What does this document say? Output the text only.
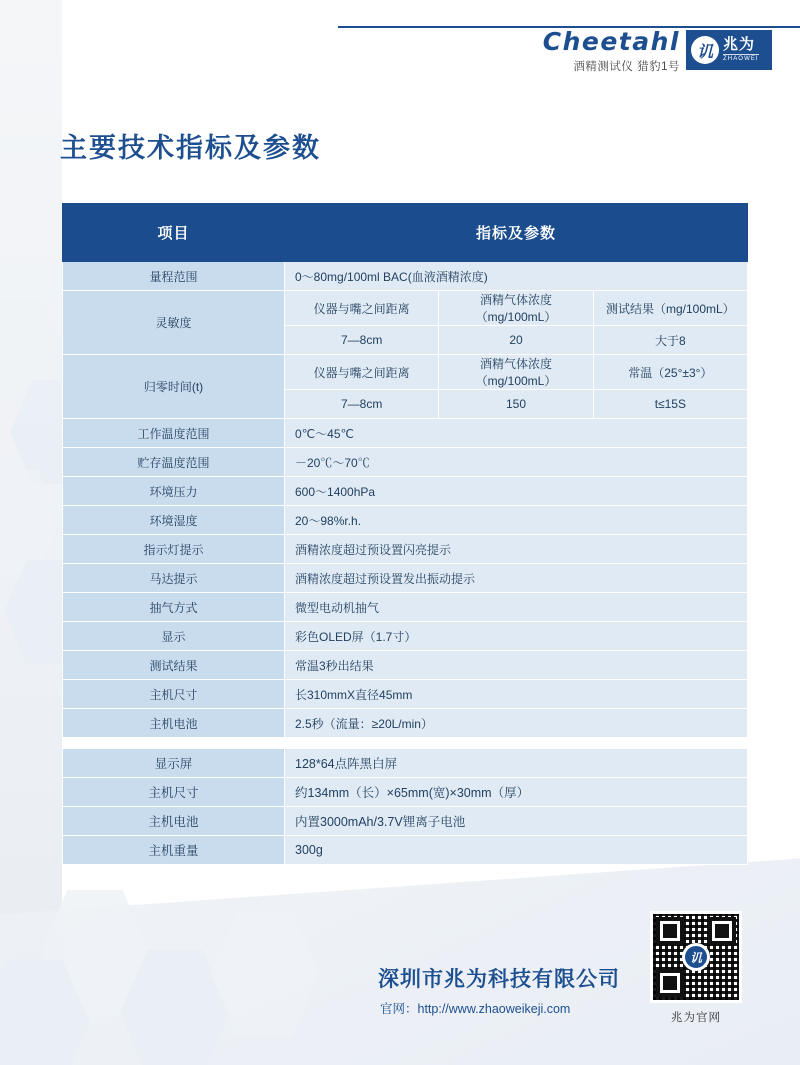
Cheetahl
酒精测试仪 猎豹1号
讥 兆为
ZHAOWEI
主要技术指标及参数
项目	指标及参数		
量程范围	0～80mg/100ml BAC(血液酒精浓度)		
灵敏度	仪器与嘴之间距离	酒精气体浓度（mg/100mL）	测试结果（mg/100mL）
	7—8cm	20	大于8
归零时间(t)	仪器与嘴之间距离	酒精气体浓度（mg/100mL）	常温（25°±3°）
	7—8cm	150	t≤15S
工作温度范围	0℃～45℃		
贮存温度范围	－20℃～70℃		
环境压力	600～1400hPa		
环境湿度	20～98%r.h.		
指示灯提示	酒精浓度超过预设置闪亮提示		
马达提示	酒精浓度超过预设置发出振动提示		
抽气方式	微型电动机抽气		
显示	彩色OLED屏（1.7寸）		
测试结果	常温3秒出结果		
主机尺寸	长310mmX直径45mm		
主机电池	2.5秒（流量：≥20L/min）		
显示屏	128*64点阵黑白屏
主机尺寸	约134mm（长）×65mm(宽)×30mm（厚）
主机电池	内置3000mAh/3.7V锂离子电池
主机重量	300g
深圳市兆为科技有限公司
官网：http://www.zhaoweikeji.com
讥
兆为官网
